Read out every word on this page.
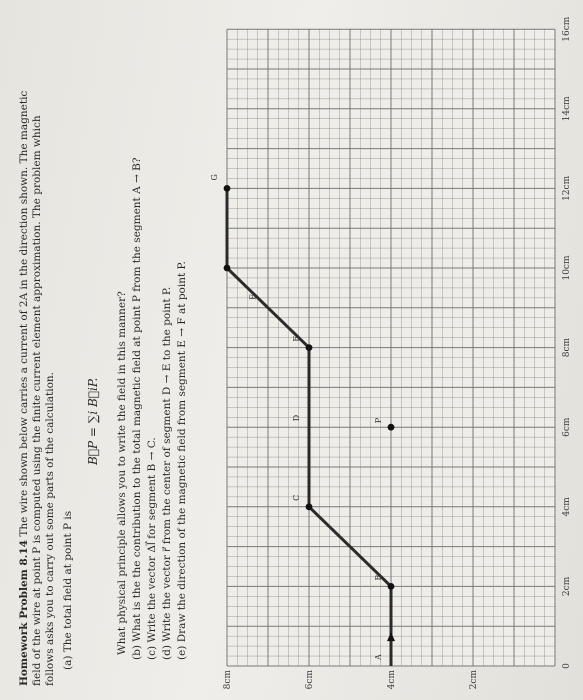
Homework Problem 8.14 The wire shown below carries a current of 2A in the direction shown. The magnetic field of the wire at point P is computed using the finite current element approximation. The problem which follows asks you to carry out some parts of the calculation. (a) The total field at point P is
B⃗P = ∑i B⃗iP. What physical principle allows you to write the field in this manner? (b) What is the the contribution to the total magnetic field at point P from the segment A → B? (c) Write the vector Δl⃗ for segment B → C. (d) Write the vector r⃗ from the center of segment D → E to the point P. (e) Draw the direction of the magnetic field from segment E → F at point P.	A
B
C
D
E
F
G
P
0
2cm
4cm
6cm
8cm
10cm
12cm
14cm
16cm
2cm
4cm
6cm
8cm
